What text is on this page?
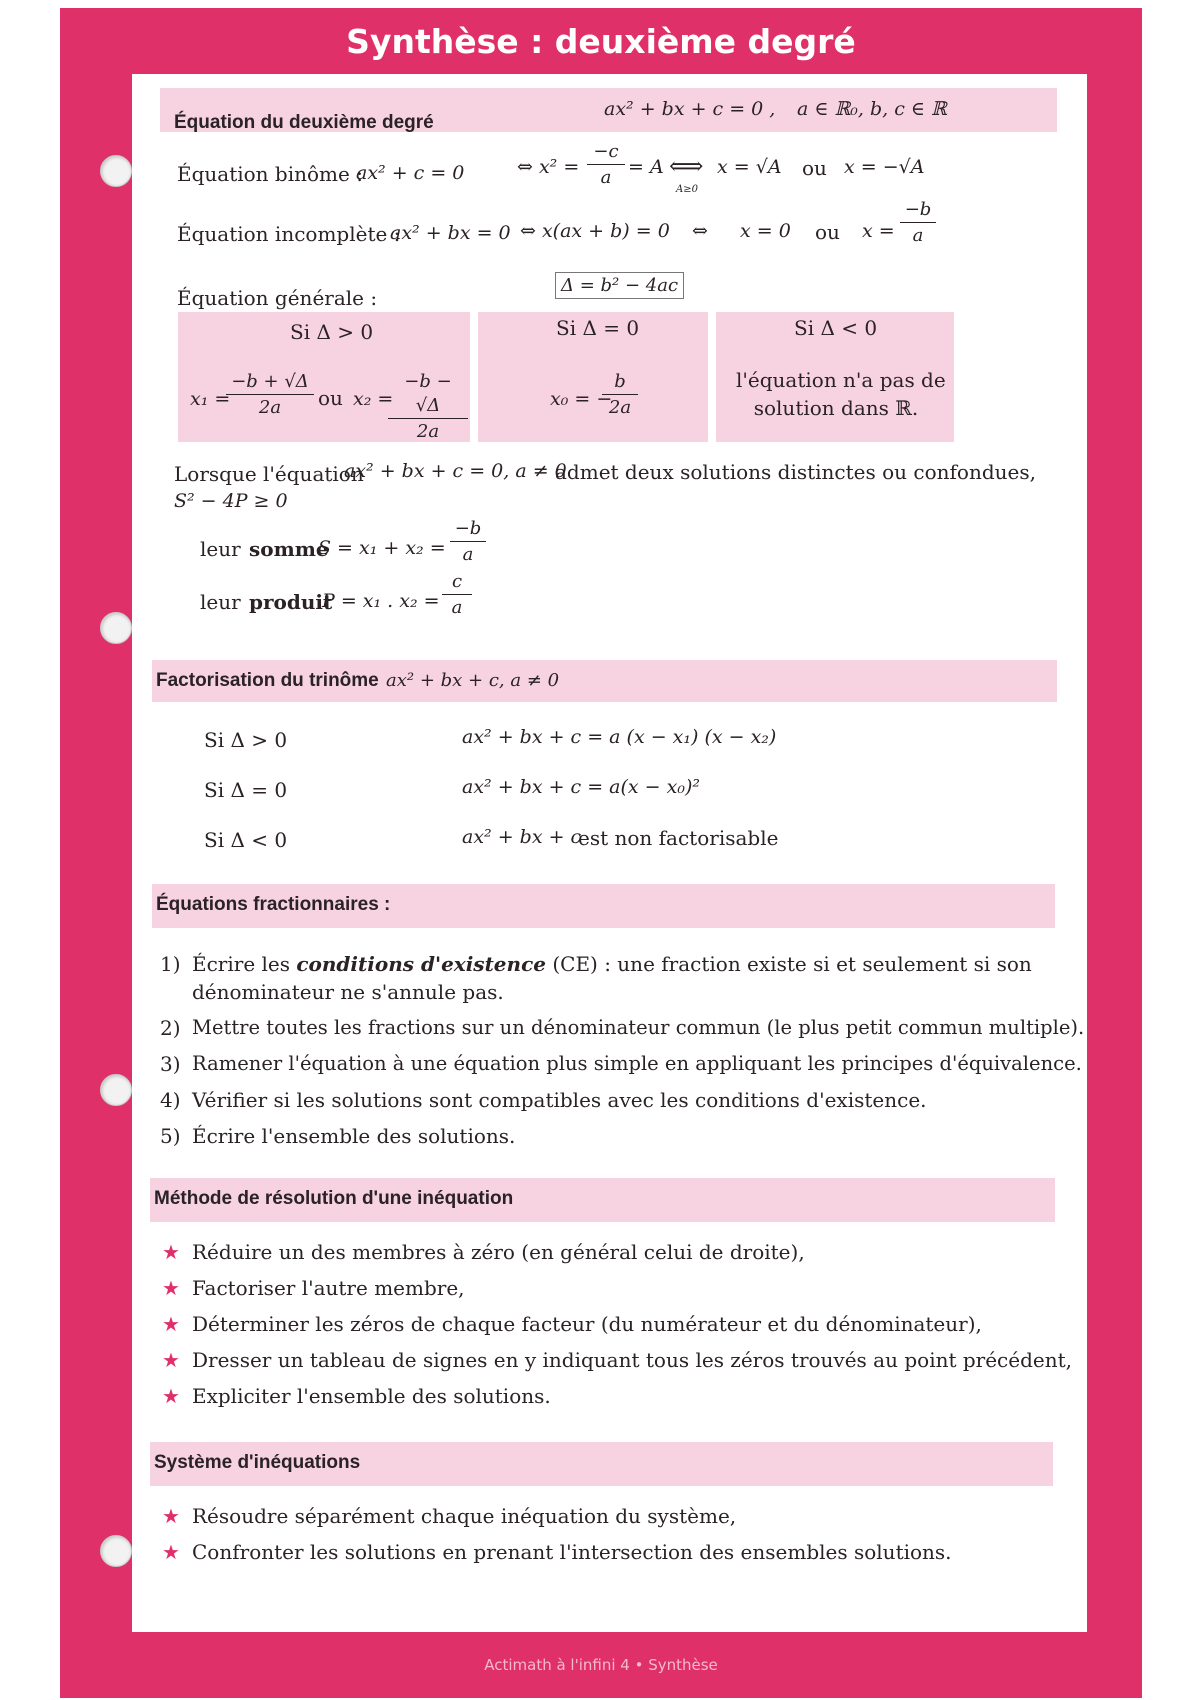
Synthèse : deuxième degré
Actimath à l'infini 4 • Synthèse
Équation du deuxième degré
ax² + bx + c = 0 , a ∈ ℝ₀, b, c ∈ ℝ
Équation binôme :
ax² + c = 0	⇔ $x^2 = \frac{-c}{a} = A$ ⟺
A≥0
x = √A ou x = −√A
Équation incomplète :
ax² + bx = 0 ⇔ x(ax + b) = 0 ⇔ x = 0 ou $x = \frac{-b}{a}$
Équation générale :
Δ = b² − 4ac
Si Δ > 0
x₁ =
$\frac{-b + √\Delta}{2a}$ ou x₂ =
$\frac{-b - √\Delta}{2a}$
Si Δ = 0
x₀ = −
$\frac{b}{2a}$
Si Δ < 0
l'équation n'a pas de
solution dans ℝ.
Lorsque l'équation
ax² + bx + c = 0, a ≠ 0
admet deux solutions distinctes ou confondues,
S² − 4P ≥ 0
leur somme
$S = x_1 + x_2 = \frac{-b}{a}$
leur produit
P = x₁ . $x_2 = \frac{c}{a}$
Factorisation du trinôme ax² + bx + c, a ≠ 0
Si Δ > 0	ax² + bx + c = a (x − x₁) (x − x₂)
Si Δ = 0	ax² + bx + c = a(x − x₀)²
Si Δ < 0	ax² + bx + c
est non factorisable
Équations fractionnaires :
1) Écrire les conditions d'existence (CE) : une fraction existe si et seulement si son
dénominateur ne s'annule pas.
2) Mettre toutes les fractions sur un dénominateur commun (le plus petit commun multiple).
3) Ramener l'équation à une équation plus simple en appliquant les principes d'équivalence.
4) Vérifier si les solutions sont compatibles avec les conditions d'existence.
5) Écrire l'ensemble des solutions.
Méthode de résolution d'une inéquation
★ Réduire un des membres à zéro (en général celui de droite),
★ Factoriser l'autre membre,
★ Déterminer les zéros de chaque facteur (du numérateur et du dénominateur),
★ Dresser un tableau de signes en y indiquant tous les zéros trouvés au point précédent,
★ Expliciter l'ensemble des solutions.
Système d'inéquations
★ Résoudre séparément chaque inéquation du système,
★ Confronter les solutions en prenant l'intersection des ensembles solutions.
